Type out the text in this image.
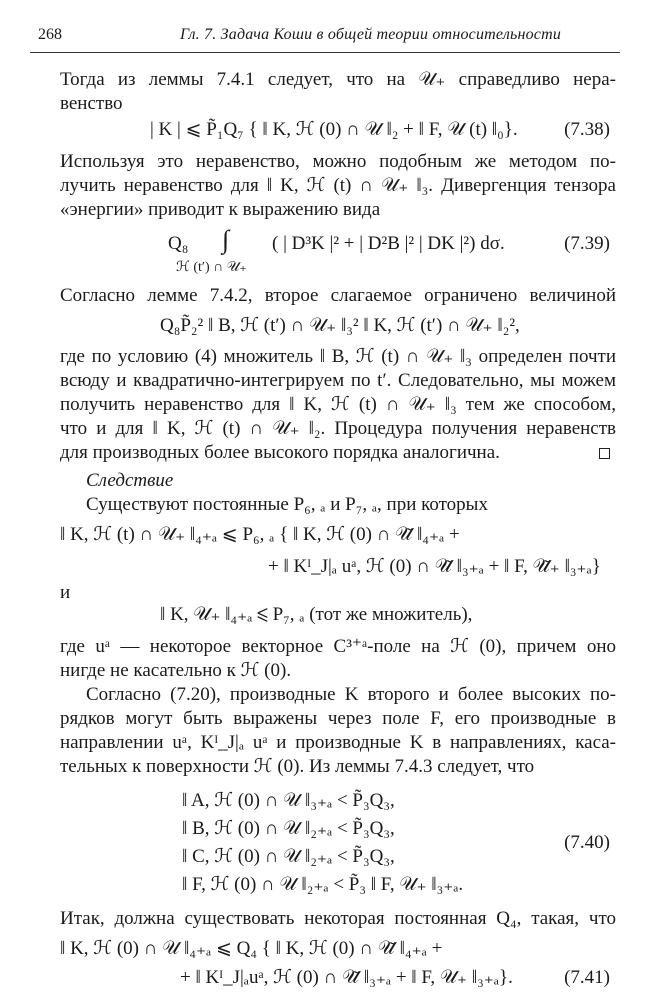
268	Гл. 7. Задача Коши в общей теории относительности
Тогда из леммы 7.4.1 следует, что на 𝒰₊ справедливо нера-
венство
| K | ⩽ P̃₁Q₇ { ‖ K, ℋ (0) ∩ 𝒰 ‖₂ + ‖ F, 𝒰 (t) ‖₀}. (7.38)
Используя это неравенство, можно подобным же методом по-
лучить неравенство для ‖ K, ℋ (t) ∩ 𝒰₊ ‖₃. Дивергенция тензора
«энергии» приводит к выражению вида
Q₈ ∫ ( | D³K |² + | D²B |² | DK |²) dσ.
ℋ (t′) ∩ 𝒰₊
(7.39)
Согласно лемме 7.4.2, второе слагаемое ограничено величиной
Q₈P̃₂² ‖ B, ℋ (t′) ∩ 𝒰₊ ‖₃² ‖ K, ℋ (t′) ∩ 𝒰₊ ‖₂²,
где по условию (4) множитель ‖ B, ℋ (t) ∩ 𝒰₊ ‖₃ определен почти
всюду и квадратично-интегрируем по t′. Следовательно, мы можем
получить неравенство для ‖ K, ℋ (t) ∩ 𝒰₊ ‖₃ тем же способом,
что и для ‖ K, ℋ (t) ∩ 𝒰₊ ‖₂. Процедура получения неравенств
для производных более высокого порядка аналогична.
Следствие
Существуют постоянные P₆, ₐ и P₇, ₐ, при которых
‖ K, ℋ (t) ∩ 𝒰₊ ‖₄₊ₐ ⩽ P₆, ₐ { ‖ K, ℋ (0) ∩ 𝒰̃ ‖₄₊ₐ +
+ ‖ Kᴵ_J|ₐ uᵃ, ℋ (0) ∩ 𝒰̃ ‖₃₊ₐ + ‖ F, 𝒰̃₊ ‖₃₊ₐ}
и
‖ K, 𝒰₊ ‖₄₊ₐ ⩽ P₇, ₐ (тот же множитель),
где uᵃ — некоторое векторное C³⁺ᵃ-поле на ℋ (0), причем оно
нигде не касательно к ℋ (0).
Согласно (7.20), производные K второго и более высоких по-
рядков могут быть выражены через поле F, его производные в
направлении uᵃ, Kᴵ_J|ₐ uᵃ и производные K в направлениях, каса-
тельных к поверхности ℋ (0). Из леммы 7.4.3 следует, что
‖ A, ℋ (0) ∩ 𝒰 ‖₃₊ₐ < P̃₃Q₃,
‖ B, ℋ (0) ∩ 𝒰 ‖₂₊ₐ < P̃₃Q₃,
‖ C, ℋ (0) ∩ 𝒰 ‖₂₊ₐ < P̃₃Q₃,
‖ F, ℋ (0) ∩ 𝒰 ‖₂₊ₐ < P̃₃ ‖ F, 𝒰₊ ‖₃₊ₐ.
(7.40)
Итак, должна существовать некоторая постоянная Q₄, такая, что
‖ K, ℋ (0) ∩ 𝒰 ‖₄₊ₐ ⩽ Q₄ { ‖ K, ℋ (0) ∩ 𝒰̃ ‖₄₊ₐ +
+ ‖ Kᴵ_J|ₐuᵃ, ℋ (0) ∩ 𝒰̃ ‖₃₊ₐ + ‖ F, 𝒰₊ ‖₃₊ₐ}.	(7.41)
